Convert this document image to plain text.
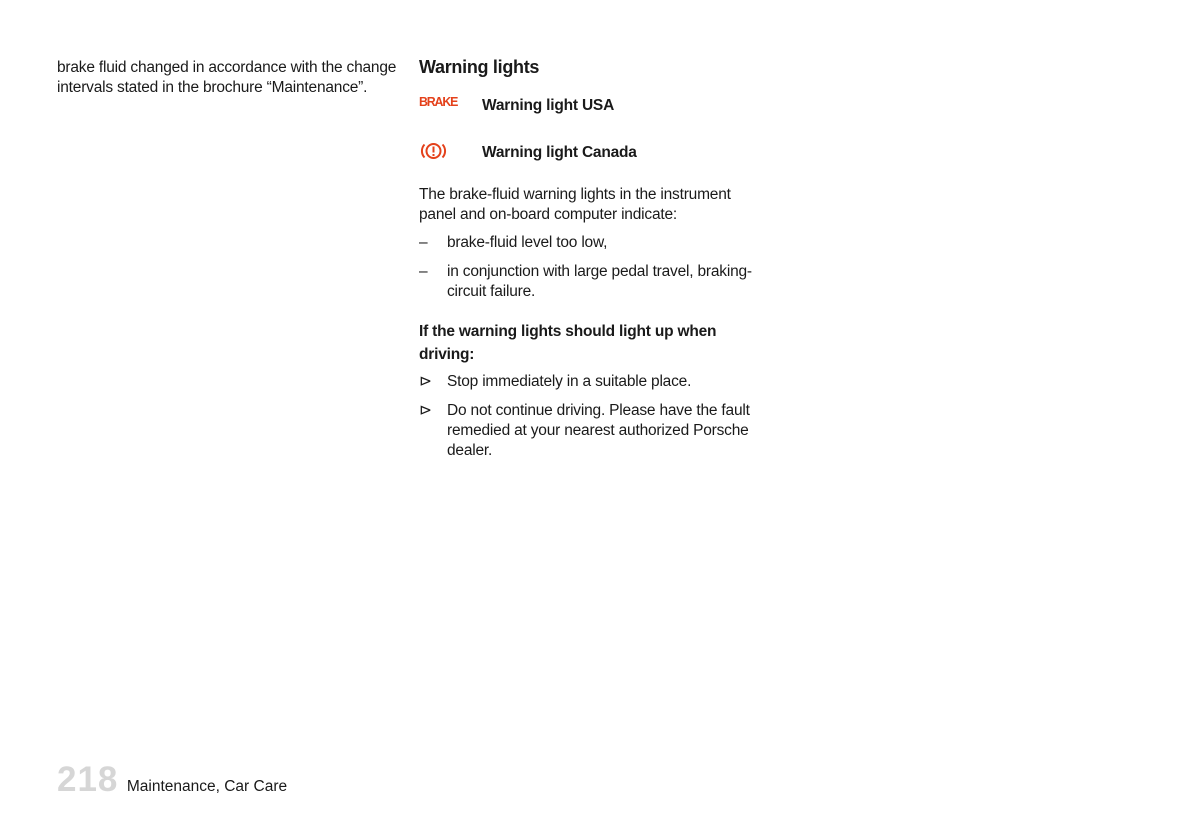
brake fluid changed in accordance with the change intervals stated in the brochure “Maintenance”.

Warning lights
BRAKE Warning light USA
Warning light Canada

The brake-fluid warning lights in the instrument panel and on-board computer indicate:

– brake-fluid level too low,
– in conjunction with large pedal travel, braking-circuit failure.

If the warning lights should light up when driving:

⊳ Stop immediately in a suitable place.
⊳ Do not continue driving. Please have the fault remedied at your nearest authorized Porsche dealer.
218 Maintenance, Car Care
